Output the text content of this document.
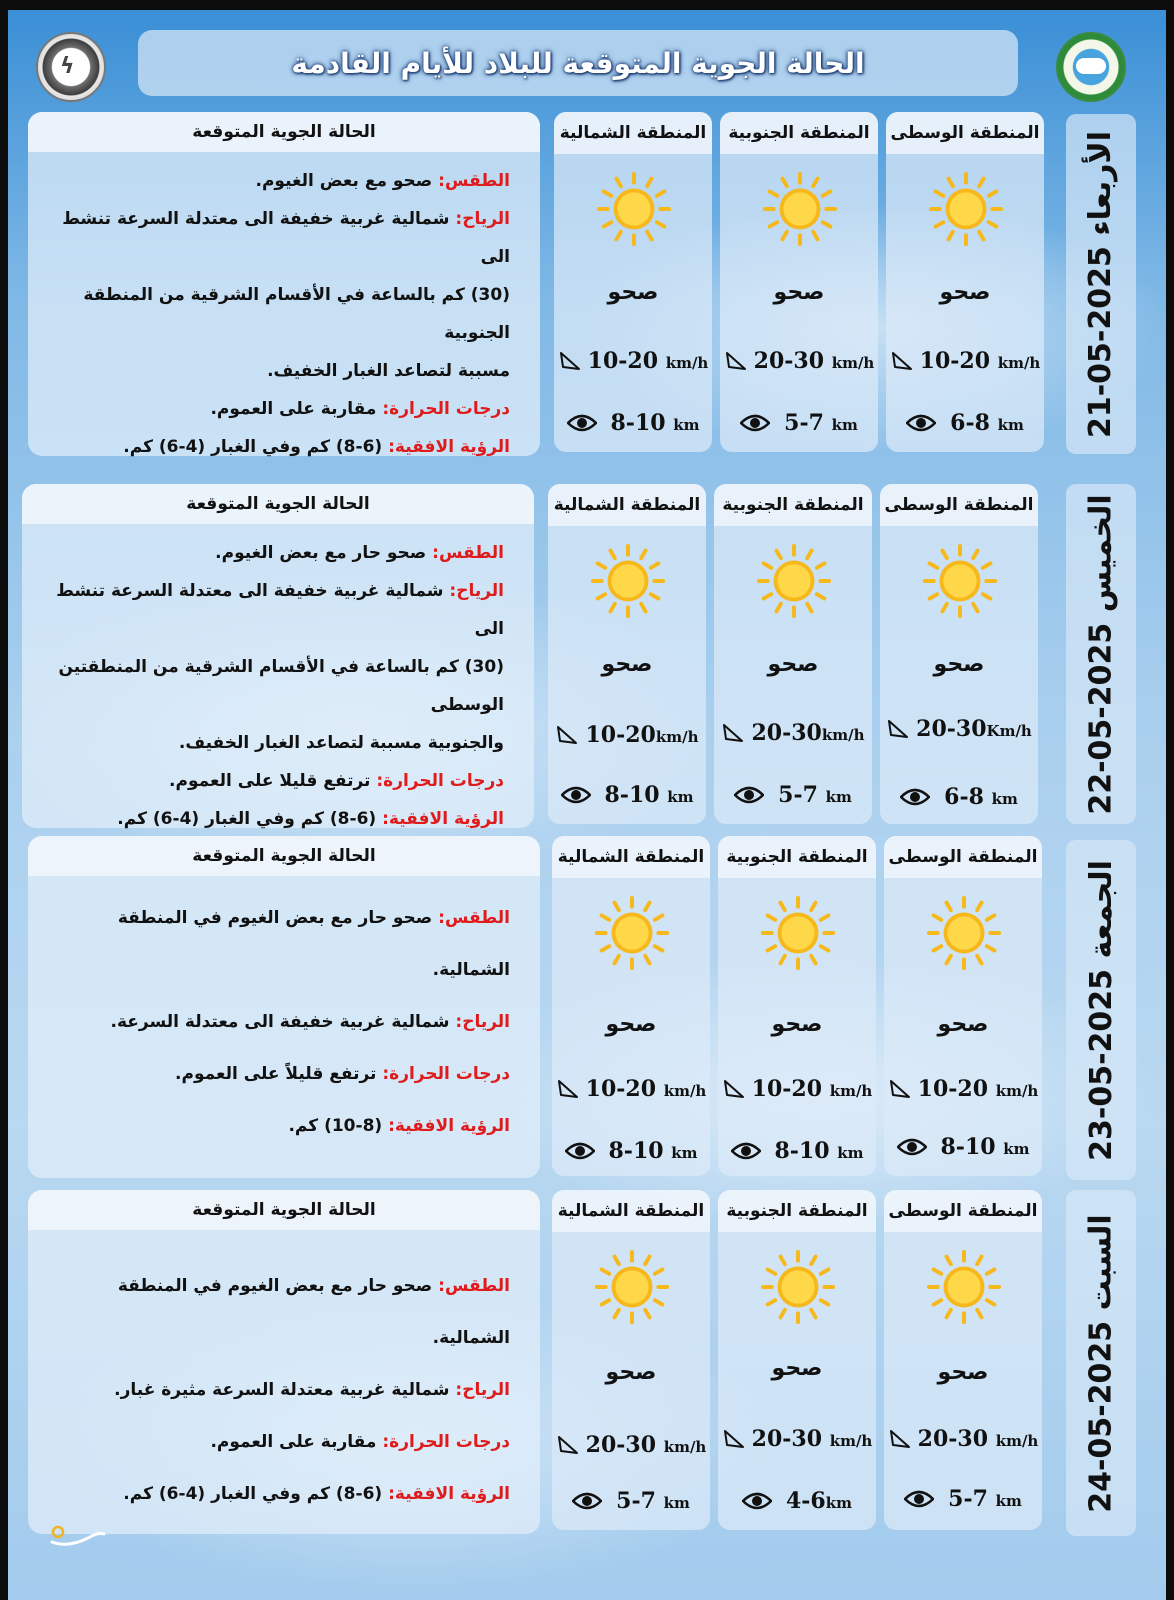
ϟ	الحالة الجوية المتوقعة للبلاد للأيام القادمة
الأربعاء 2025-05-21
المنطقة الوسطى
صحو
10-20 km/h
6-8 km
المنطقة الجنوبية
صحو
20-30 km/h
5-7 km
المنطقة الشمالية
صحو
10-20 km/h
8-10 km
الحالة الجوية المتوقعة

الطقس: صحو مع بعض الغيوم.

الرياح: شمالية غربية خفيفة الى معتدلة السرعة تنشط الى

(30) كم بالساعة في الأقسام الشرقية من المنطقة الجنوبية

مسببة لتصاعد الغبار الخفيف.

درجات الحرارة: مقاربة على العموم.

الرؤية الافقية: (6-8) كم وفي الغبار (4-6) كم.

الخميس 2025-05-22
المنطقة الوسطى
صحو
20-30Km/h
6-8 km
المنطقة الجنوبية
صحو
20-30km/h
5-7 km
المنطقة الشمالية
صحو
10-20km/h
8-10 km
الحالة الجوية المتوقعة

الطقس: صحو حار مع بعض الغيوم.

الرياح: شمالية غربية خفيفة الى معتدلة السرعة تنشط الى

(30) كم بالساعة في الأقسام الشرقية من المنطقتين الوسطى

والجنوبية مسببة لتصاعد الغبار الخفيف.

درجات الحرارة: ترتفع قليلا على العموم.

الرؤية الافقية: (6-8) كم وفي الغبار (4-6) كم.

الجمعة 2025-05-23
المنطقة الوسطى
صحو
10-20 km/h
8-10 km
المنطقة الجنوبية
صحو
10-20 km/h
8-10 km
المنطقة الشمالية
صحو
10-20 km/h
8-10 km
الحالة الجوية المتوقعة

الطقس: صحو حار مع بعض الغيوم في المنطقة الشمالية.

الرياح: شمالية غربية خفيفة الى معتدلة السرعة.

درجات الحرارة: ترتفع قليلاً على العموم.

الرؤية الافقية: (8-10) كم.

السبت 2025-05-24
المنطقة الوسطى
صحو
20-30 km/h
5-7 km
المنطقة الجنوبية
صحو
20-30 km/h
4-6km
المنطقة الشمالية
صحو
20-30 km/h
5-7 km
الحالة الجوية المتوقعة

الطقس: صحو حار مع بعض الغيوم في المنطقة الشمالية.

الرياح: شمالية غربية معتدلة السرعة مثيرة غبار.

درجات الحرارة: مقاربة على العموم.

الرؤية الافقية: (6-8) كم وفي الغبار (4-6) كم.
